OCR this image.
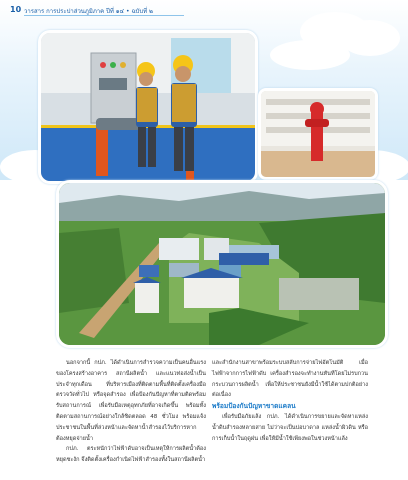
10 วารสาร การประปาส่วนภูมิภาค ปีที่ ๑๔ • ฉบับที่ ๒

นอกจากนี้ กปภ. ได้ดำเนินการสำรวจความเป็นคนอื่นแรงของโครงสร้างอาคาร สถานีผลิตน้ำ และแนวท่อส่งน้ำเป็นประจำทุกเดือน ที่บริหารเมืองที่ติดตามพื้นที่ติดตั้งเครื่องมือตรวจวัดทั่วไป หรือจุดสำรอง เพื่อป้องกันปัญหาที่ตามติดพร้อมรับสถานการณ์ เพื่อรับมือเหตุอุทกภัยที่อาจเกิดขึ้น พร้อมทั้งติดตามสถานการณ์อย่างใกล้ชิดตลอด 48 ชั่วโมง พร้อมแจ้งประชาชนในพื้นที่ล่วงหน้าและจัดหาน้ำสำรองไว้บริการหากต้องหยุดจ่ายน้ำ

กปภ. ตระหนักว่าไฟฟ้าดับอาจเป็นเหตุให้การผลิตน้ำต้องหยุดชะงัก จึงติดตั้งเครื่องกำเนิดไฟฟ้าสำรองทั้งในสถานีผลิตน้ำ

และสำนักงานสาขาพร้อมระบบสลับการจ่ายไฟอัตโนมัติ เมื่อไฟฟ้าจากการไฟฟ้าดับ เครื่องสำรองจะทำงานทันทีโดยไม่รบกวนกระบวนการผลิตน้ำ เพื่อให้ประชาชนยังมีน้ำใช้ได้ตามปกติอย่างต่อเนื่อง

พร้อมป้องกันปัญหาขาดแคลน

เพื่อรับมือภัยแล้ง กปภ. ได้ดำเนินการขยายและจัดหาแหล่งน้ำดิบสำรองหลายสาย ไม่ว่าจะเป็นบ่อบาดาล แหล่งน้ำผิวดิน หรือการเก็บน้ำในฤดูฝน เพื่อให้มีน้ำใช้เพียงพอในช่วงหน้าแล้ง
